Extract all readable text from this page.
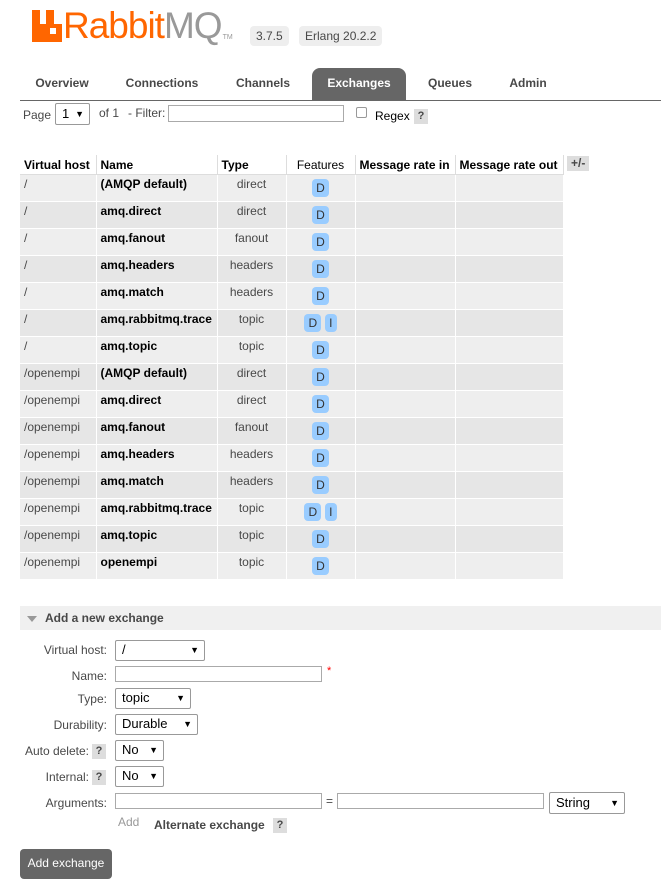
RabbitMQ TM	3.7.5	Erlang 20.2.2
Overview	Connections	Channels	Exchanges	Queues	Admin
Page 1 ▼ of 1 - Filter:	Regex ?
Virtual host	Name	Type	Features	Message rate in	Message rate out
/	(AMQP default)	direct	D		
/	amq.direct	direct	D		
/	amq.fanout	fanout	D		
/	amq.headers	headers	D		
/	amq.match	headers	D		
/	amq.rabbitmq.trace	topic	D I		
/	amq.topic	topic	D		
/openempi	(AMQP default)	direct	D		
/openempi	amq.direct	direct	D		
/openempi	amq.fanout	fanout	D		
/openempi	amq.headers	headers	D		
/openempi	amq.match	headers	D		
/openempi	amq.rabbitmq.trace	topic	D I		
/openempi	amq.topic	topic	D		
/openempi	openempi	topic	D		
+/-
Add a new exchange
Virtual host:	/	▼
Name:	*
Type:	topic	▼
Durability:	Durable ▼
Auto delete: ?	No ▼
Internal: ?	No ▼
Arguments:	=	String ▼
Add Alternate exchange	?
Add exchange
